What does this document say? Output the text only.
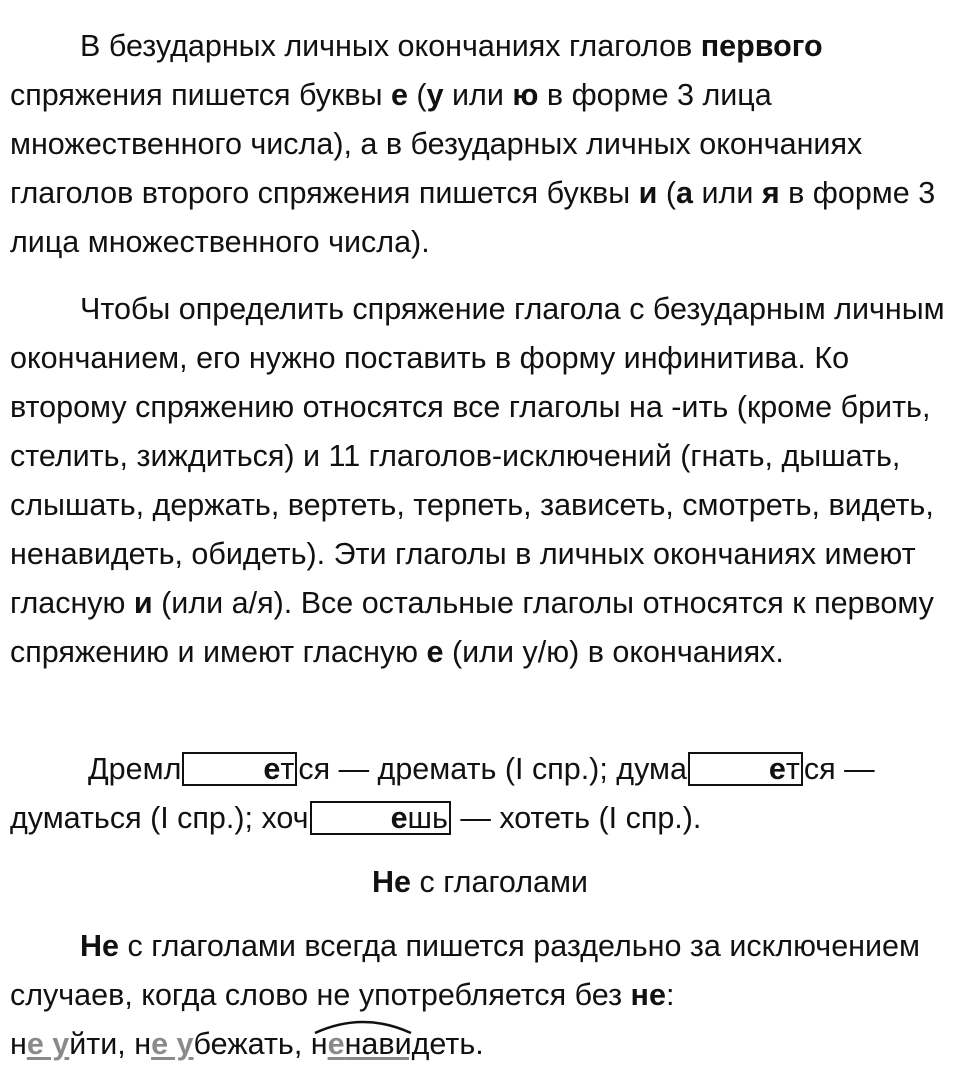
В безударных личных окончаниях глаголов первого спряжения пишется буквы е (у или ю в форме 3 лица множественного числа), а в безударных личных окончаниях глаголов второго спряжения пишется буквы и (а или я в форме 3 лица множественного числа).

Чтобы определить спряжение глагола с безударным личным окончанием, его нужно поставить в форму инфинитива. Ко второму спряжению относятся все глаголы на -ить (кроме брить, стелить, зиждиться) и 11 глаголов-исключений (гнать, дышать, слышать, держать, вертеть, терпеть, зависеть, смотреть, видеть, ненавидеть, обидеть). Эти глаголы в личных окончаниях имеют гласную и (или а/я). Все остальные глаголы относятся к первому спряжению и имеют гласную е (или у/ю) в окончаниях.

Дремл	ет ся — дремать (I спр.); дума	ет ся — думаться (I спр.); хоч	ешь — хотеть (I спр.).

Не с глаголами

Не с глаголами всегда пишется раздельно за исключением случаев, когда слово не употребляется без не:
не уйти, не убежать,
ненавидеть.
